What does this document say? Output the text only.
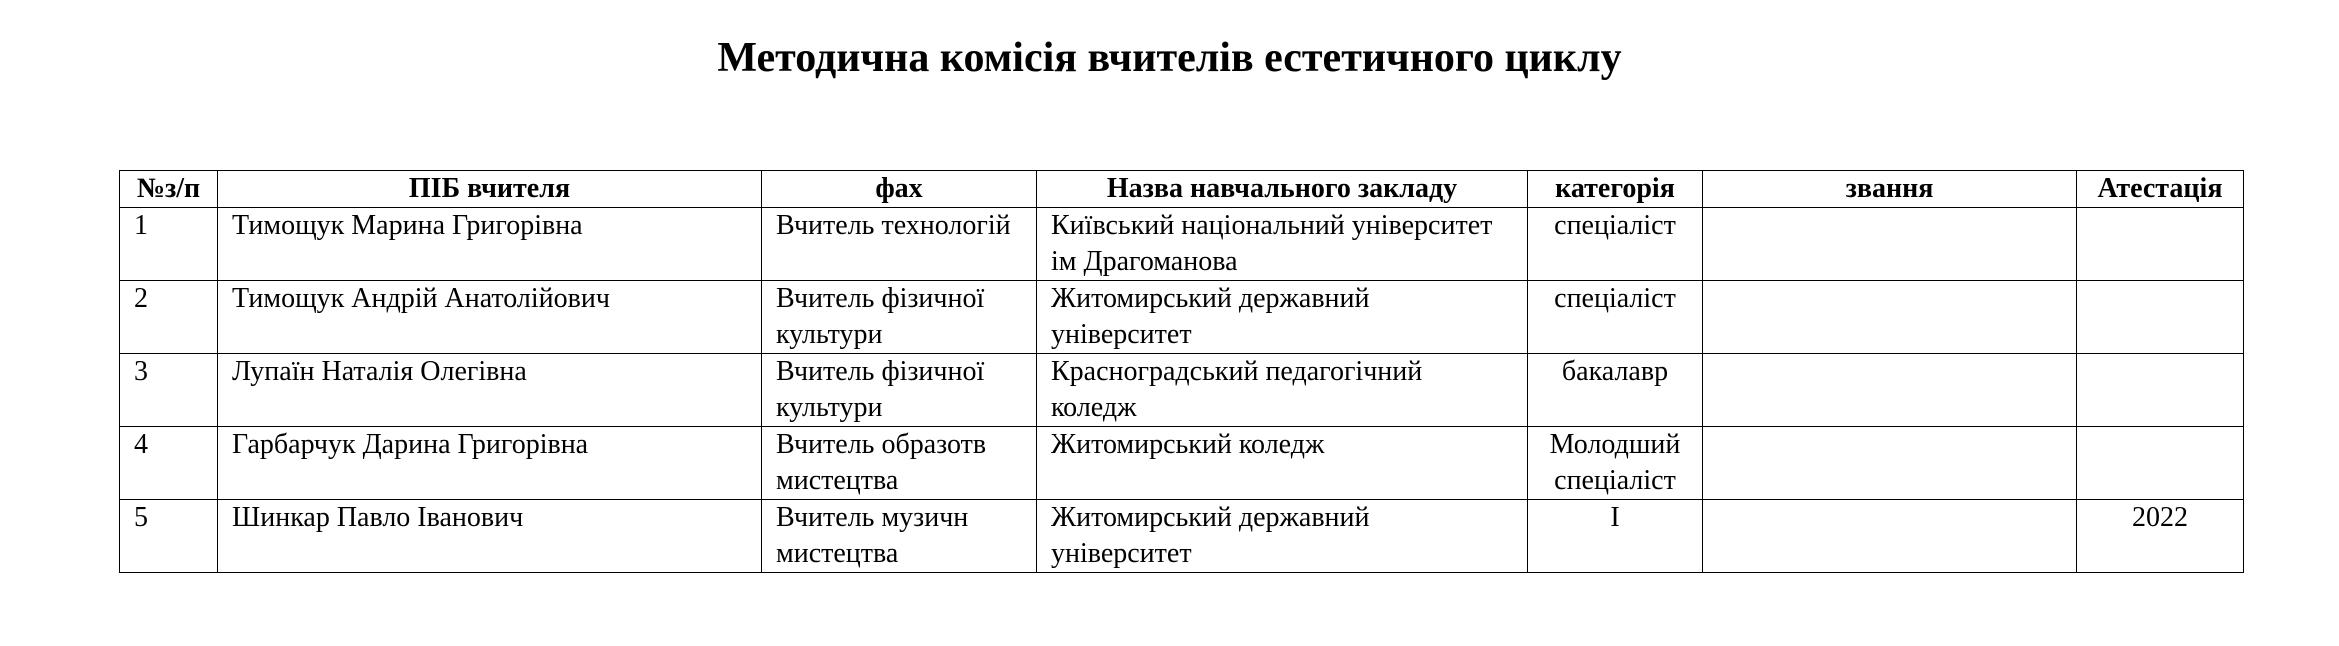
Методична комісія вчителів естетичного циклу
№з/п	ПІБ вчителя	фах	Назва навчального закладу	категорія	звання	Атестація
1	Тимощук Марина Григорівна	Вчитель технологій	Київський національний університет ім Драгоманова	спеціаліст		
2	Тимощук Андрій Анатолійович	Вчитель фізичної культури	Житомирський державний університет	спеціаліст		
3	Лупаїн Наталія Олегівна	Вчитель фізичної культури	Красноградський педагогічний коледж	бакалавр		
4	Гарбарчук Дарина Григорівна	Вчитель образотв мистецтва	Житомирський коледж	Молодший спеціаліст		
5	Шинкар Павло Іванович	Вчитель музичн мистецтва	Житомирський державний університет	І		2022
